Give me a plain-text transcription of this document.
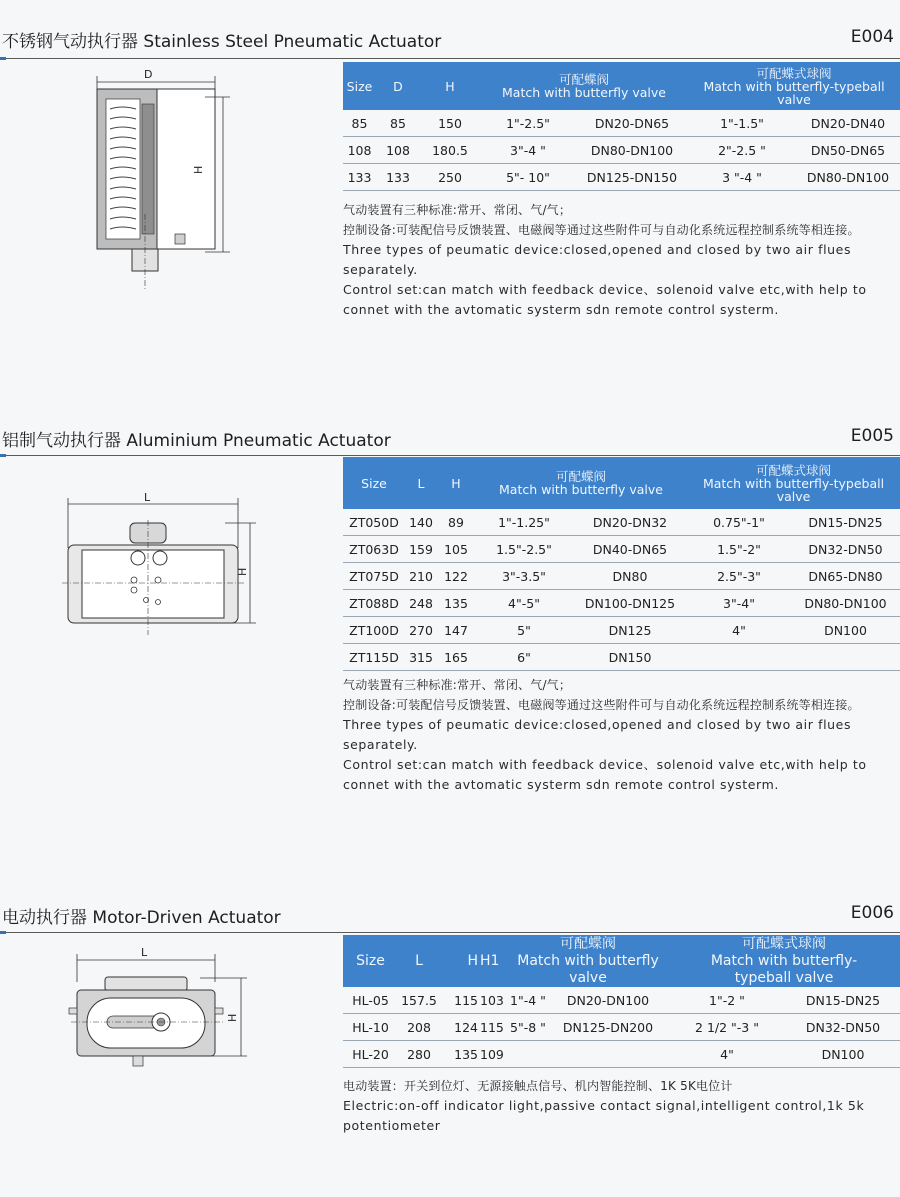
不锈钢气动执行器 Stainless Steel Pneumatic Actuator	E004
D
H
Size	D	H	可配蝶阀
Match with butterfly valve		可配蝶式球阀
Match with butterfly-typeball
valve	

85	85	150	1"-2.5"	DN20-DN65	1"-1.5"	DN20-DN40
108	108	180.5	3"-4 "	DN80-DN100	2"-2.5 "	DN50-DN65
133	133	250	5"- 10"	DN125-DN150	3 "-4 "	DN80-DN100

气动装置有三种标准:常开、常闭、气/气；

控制设备:可装配信号反馈装置、电磁阀等通过这些附件可与自动化系统远程控制系统等相连接。

Three types of peumatic device:closed,opened and closed by two air flues separately.

Control set:can match with feedback device、solenoid valve etc,with help to connet with the avtomatic systerm sdn remote control systerm.

铝制气动执行器 Aluminium Pneumatic Actuator	E005
L
H
Size	L	H	可配蝶阀
Match with butterfly valve		可配蝶式球阀
Match with butterfly-typeball
valve	

ZT050D	140	89	1"-1.25"	DN20-DN32	0.75"-1"	DN15-DN25
ZT063D	159	105	1.5"-2.5"	DN40-DN65	1.5"-2"	DN32-DN50
ZT075D	210	122	3"-3.5"	DN80	2.5"-3"	DN65-DN80
ZT088D	248	135	4"-5"	DN100-DN125	3"-4"	DN80-DN100
ZT100D	270	147	5"	DN125	4"	DN100
ZT115D	315	165	6"	DN150		

气动装置有三种标准:常开、常闭、气/气；

控制设备:可装配信号反馈装置、电磁阀等通过这些附件可与自动化系统远程控制系统等相连接。

Three types of peumatic device:closed,opened and closed by two air flues separately.

Control set:can match with feedback device、solenoid valve etc,with help to connet with the avtomatic systerm sdn remote control systerm.

电动执行器 Motor-Driven Actuator	E006
L
H
Size	L	H	H1	可配蝶阀
Match with butterfly
valve		可配蝶式球阀
Match with butterfly-
typeball valve	

HL-05	157.5	115	103	1"-4 "	DN20-DN100	1"-2 "	DN15-DN25
HL-10	208	124	115	5"-8 "	DN125-DN200	2 1/2 "-3 "	DN32-DN50
HL-20	280	135	109			4"	DN100

电动装置：开关到位灯、无源接触点信号、机内智能控制、1K 5K电位计

Electric:on-off indicator light,passive contact signal,intelligent control,1k 5k potentiometer
